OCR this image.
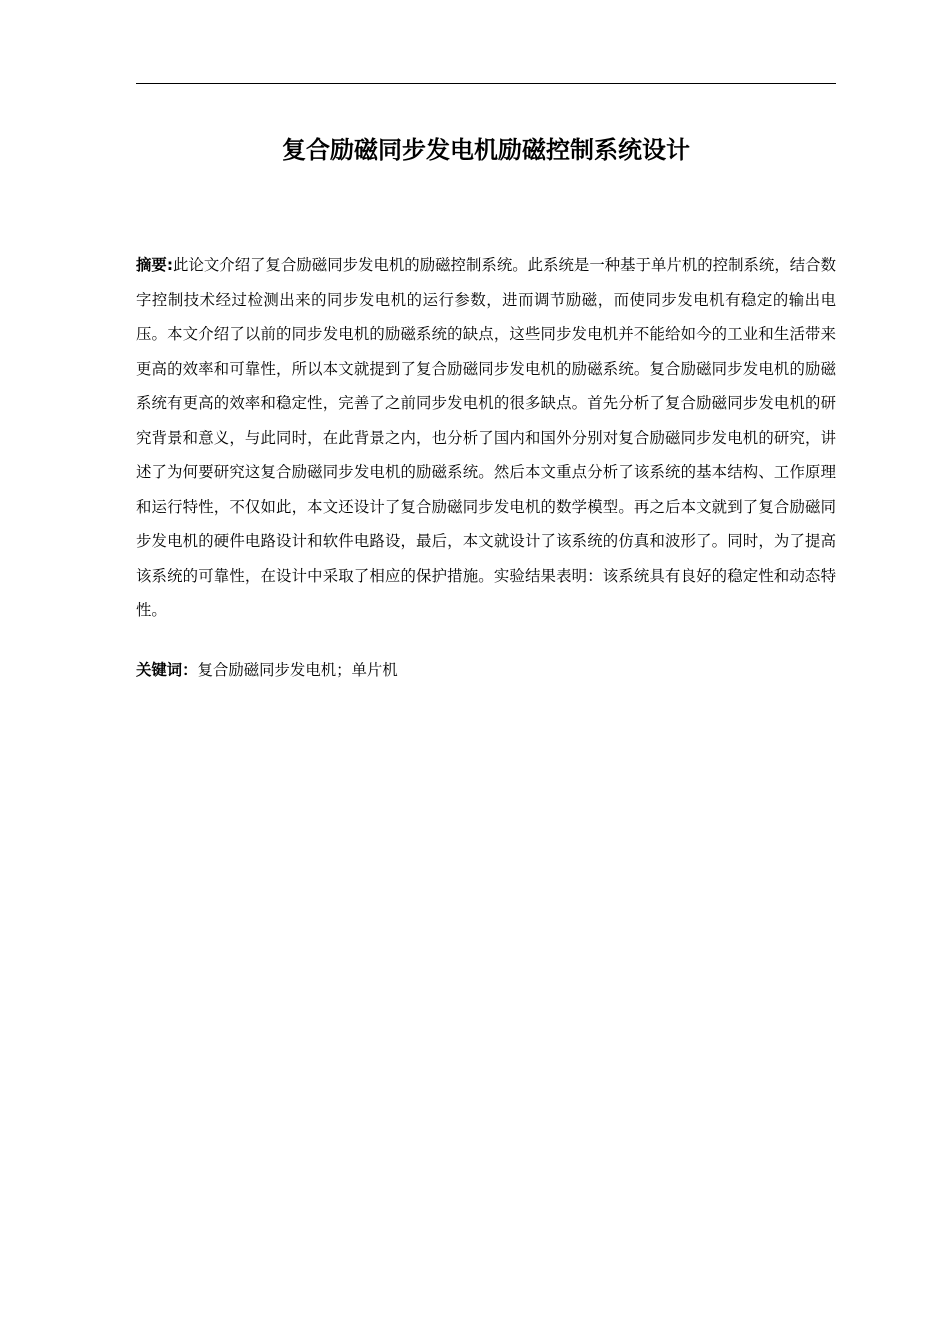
复合励磁同步发电机励磁控制系统设计

摘要:此论文介绍了复合励磁同步发电机的励磁控制系统。此系统是一种基于单片机的控制系统，结合数字控制技术经过检测出来的同步发电机的运行参数，进而调节励磁，而使同步发电机有稳定的输出电压。本文介绍了以前的同步发电机的励磁系统的缺点，这些同步发电机并不能给如今的工业和生活带来更高的效率和可靠性，所以本文就提到了复合励磁同步发电机的励磁系统。复合励磁同步发电机的励磁系统有更高的效率和稳定性，完善了之前同步发电机的很多缺点。首先分析了复合励磁同步发电机的研究背景和意义，与此同时，在此背景之内，也分析了国内和国外分别对复合励磁同步发电机的研究，讲述了为何要研究这复合励磁同步发电机的励磁系统。然后本文重点分析了该系统的基本结构、工作原理和运行特性，不仅如此，本文还设计了复合励磁同步发电机的数学模型。再之后本文就到了复合励磁同步发电机的硬件电路设计和软件电路设，最后，本文就设计了该系统的仿真和波形了。同时，为了提高该系统的可靠性，在设计中采取了相应的保护措施。实验结果表明：该系统具有良好的稳定性和动态特性。

关键词：复合励磁同步发电机；单片机
